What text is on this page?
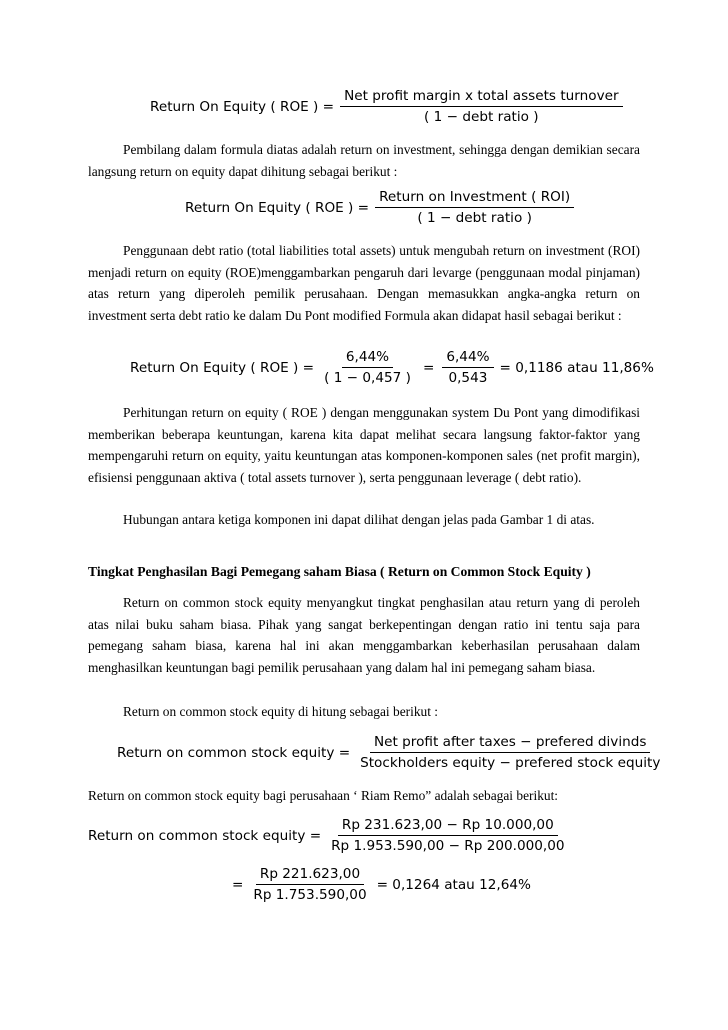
Return On Equity ( ROE ) = $\frac{\text{Net profit margin x total assets turnover}}{\text{( 1 − debt ratio )}}$

Pembilang dalam formula diatas adalah return on investment, sehingga dengan demikian secara langsung return on equity dapat dihitung sebagai berikut :

Return On Equity ( ROE ) = $\frac{\text{Return on Investment ( ROI)}}{\text{( 1 − debt ratio )}}$

Penggunaan debt ratio (total liabilities total assets) untuk mengubah return on investment (ROI) menjadi return on equity (ROE)menggambarkan pengaruh dari levarge (penggunaan modal pinjaman) atas return yang diperoleh pemilik perusahaan. Dengan memasukkan angka-angka return on investment serta debt ratio ke dalam Du Pont modified Formula akan didapat hasil sebagai berikut :

Return On Equity ( ROE ) = $\frac{6,44\%}{( 1 - 0,457 )} = \frac{6,44\%}{0,543} = 0,1186$ atau 11,86%

Perhitungan return on equity ( ROE ) dengan menggunakan system Du Pont yang dimodifikasi memberikan beberapa keuntungan, karena kita dapat melihat secara langsung faktor-faktor yang mempengaruhi return on equity, yaitu keuntungan atas komponen-komponen sales (net profit margin), efisiensi penggunaan aktiva ( total assets turnover ), serta penggunaan leverage ( debt ratio).

Hubungan antara ketiga komponen ini dapat dilihat dengan jelas pada Gambar 1 di atas.

Tingkat Penghasilan Bagi Pemegang saham Biasa ( Return on Common Stock Equity )

Return on common stock equity menyangkut tingkat penghasilan atau return yang di peroleh atas nilai buku saham biasa. Pihak yang sangat berkepentingan dengan ratio ini tentu saja para pemegang saham biasa, karena hal ini akan menggambarkan keberhasilan perusahaan dalam menghasilkan keuntungan bagi pemilik perusahaan yang dalam hal ini pemegang saham biasa.

Return on common stock equity di hitung sebagai berikut :

Return on common stock equity = $\frac{\text{Net profit after taxes − prefered divinds}}{\text{Stockholders equity − prefered stock equity}}$

Return on common stock equity bagi perusahaan ‘ Riam Remo” adalah sebagai berikut:

Return on common stock equity = $\frac{Rp 231.623,00 - Rp 10.000,00}{Rp 1.953.590,00 - Rp 200.000,00}$
= $\frac{Rp 221.623,00}{Rp 1.753.590,00} = 0,1264$ atau 12,64%
